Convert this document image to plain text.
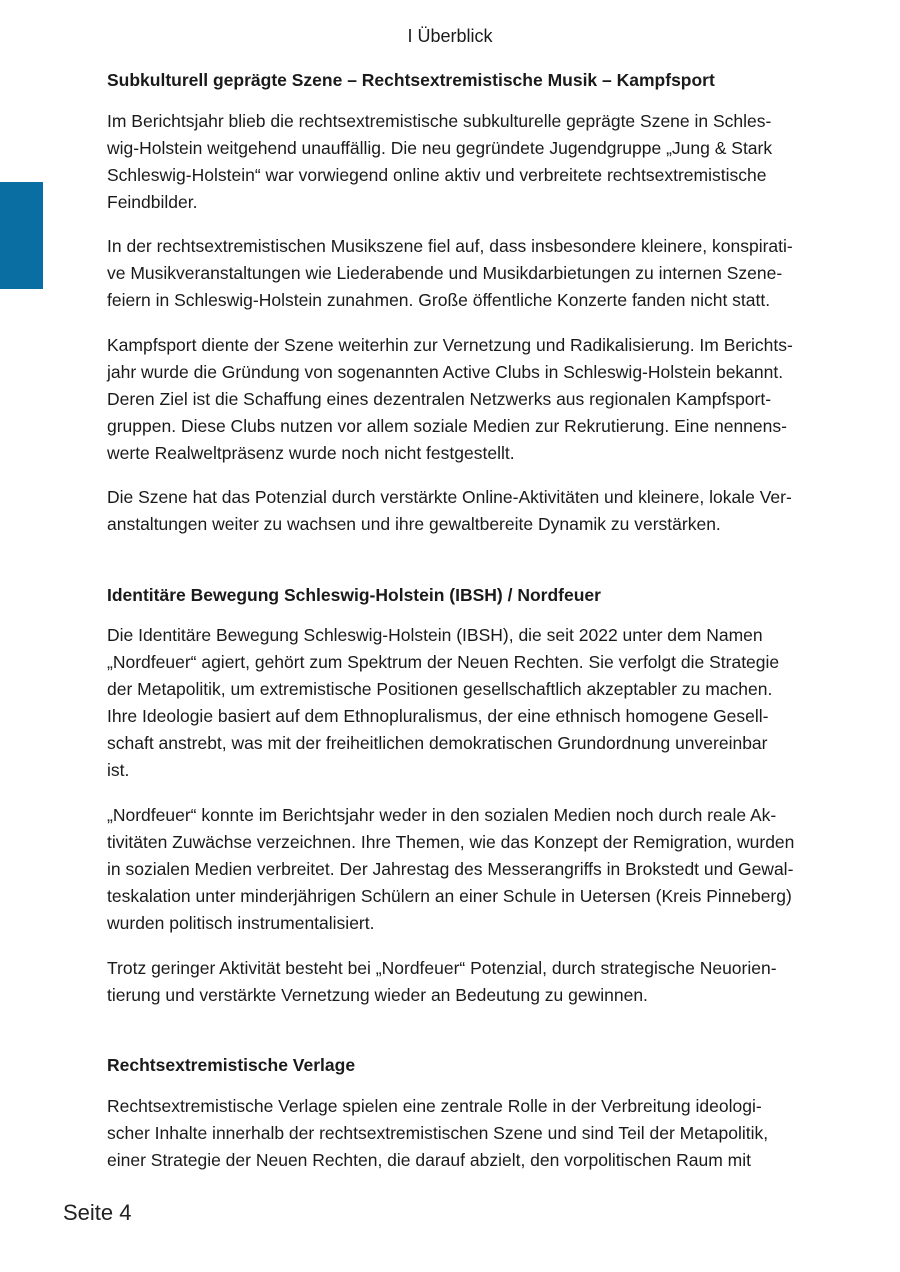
I Überblick
Subkulturell geprägte Szene – Rechtsextremistische Musik – Kampfsport
Im Berichtsjahr blieb die rechtsextremistische subkulturelle geprägte Szene in Schles-
wig-Holstein weitgehend unauffällig. Die neu gegründete Jugendgruppe „Jung & Stark
Schleswig-Holstein“ war vorwiegend online aktiv und verbreitete rechtsextremistische
Feindbilder.
In der rechtsextremistischen Musikszene fiel auf, dass insbesondere kleinere, konspirati-
ve Musikveranstaltungen wie Liederabende und Musikdarbietungen zu internen Szene-
feiern in Schleswig-Holstein zunahmen. Große öffentliche Konzerte fanden nicht statt.
Kampfsport diente der Szene weiterhin zur Vernetzung und Radikalisierung. Im Berichts-
jahr wurde die Gründung von sogenannten Active Clubs in Schleswig-Holstein bekannt.
Deren Ziel ist die Schaffung eines dezentralen Netzwerks aus regionalen Kampfsport-
gruppen. Diese Clubs nutzen vor allem soziale Medien zur Rekrutierung. Eine nennens-
werte Realweltpräsenz wurde noch nicht festgestellt.
Die Szene hat das Potenzial durch verstärkte Online-Aktivitäten und kleinere, lokale Ver-
anstaltungen weiter zu wachsen und ihre gewaltbereite Dynamik zu verstärken.
Identitäre Bewegung Schleswig-Holstein (IBSH) / Nordfeuer
Die Identitäre Bewegung Schleswig-Holstein (IBSH), die seit 2022 unter dem Namen
„Nordfeuer“ agiert, gehört zum Spektrum der Neuen Rechten. Sie verfolgt die Strategie
der Metapolitik, um extremistische Positionen gesellschaftlich akzeptabler zu machen.
Ihre Ideologie basiert auf dem Ethnopluralismus, der eine ethnisch homogene Gesell-
schaft anstrebt, was mit der freiheitlichen demokratischen Grundordnung unvereinbar
ist.
„Nordfeuer“ konnte im Berichtsjahr weder in den sozialen Medien noch durch reale Ak-
tivitäten Zuwächse verzeichnen. Ihre Themen, wie das Konzept der Remigration, wurden
in sozialen Medien verbreitet. Der Jahrestag des Messerangriffs in Brokstedt und Gewal-
teskalation unter minderjährigen Schülern an einer Schule in Uetersen (Kreis Pinneberg)
wurden politisch instrumentalisiert.
Trotz geringer Aktivität besteht bei „Nordfeuer“ Potenzial, durch strategische Neuorien-
tierung und verstärkte Vernetzung wieder an Bedeutung zu gewinnen.
Rechtsextremistische Verlage
Rechtsextremistische Verlage spielen eine zentrale Rolle in der Verbreitung ideologi-
scher Inhalte innerhalb der rechtsextremistischen Szene und sind Teil der Metapolitik,
einer Strategie der Neuen Rechten, die darauf abzielt, den vorpolitischen Raum mit
Seite 4
